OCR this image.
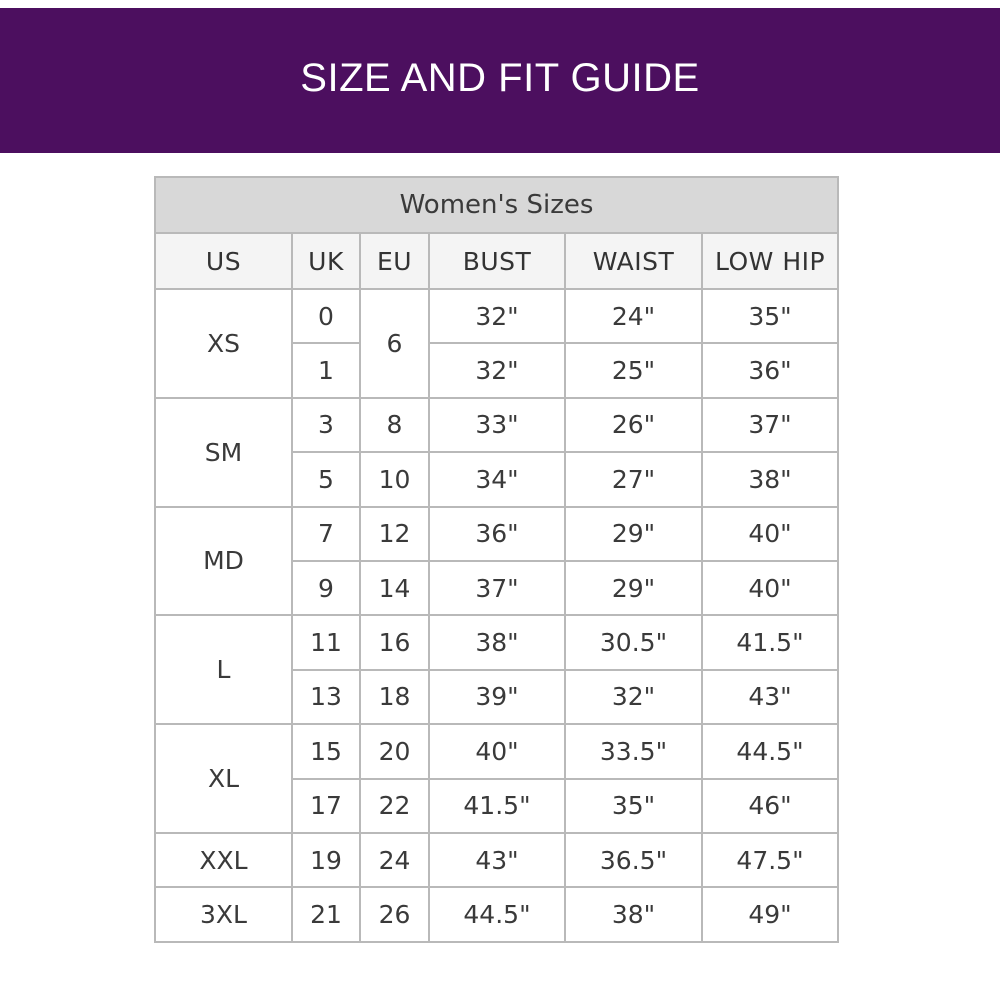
SIZE AND FIT GUIDE
Women's Sizes					
US	UK	EU	BUST	WAIST	LOW HIP
XS	0	6	32"	24"	35"
	1		32"	25"	36"
SM	3	8	33"	26"	37"
	5	10	34"	27"	38"
MD	7	12	36"	29"	40"
	9	14	37"	29"	40"
L	11	16	38"	30.5"	41.5"
	13	18	39"	32"	43"
XL	15	20	40"	33.5"	44.5"
	17	22	41.5"	35"	46"
XXL	19	24	43"	36.5"	47.5"
3XL	21	26	44.5"	38"	49"
